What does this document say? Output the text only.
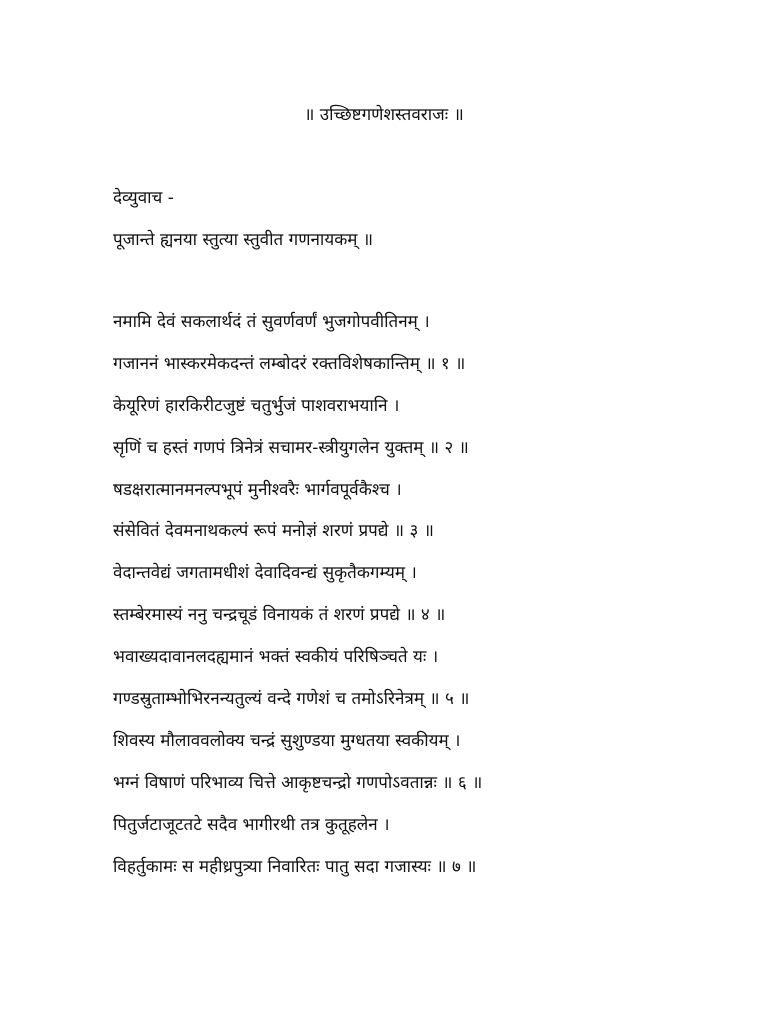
॥ उच्छिष्टगणेशस्तवराजः ॥
देव्युवाच -
पूजान्ते ह्यनया स्तुत्या स्तुवीत गणनायकम् ॥
नमामि देवं सकलार्थदं तं सुवर्णवर्णं भुजगोपवीतिनम् ।
गजाननं भास्करमेकदन्तं लम्बोदरं रक्तविशेषकान्तिम् ॥ १ ॥
केयूरिणं हारकिरीटजुष्टं चतुर्भुजं पाशवराभयानि ।
सृणिं च हस्तं गणपं त्रिनेत्रं सचामर-स्त्रीयुगलेन युक्तम् ॥ २ ॥
षडक्षरात्मानमनल्पभूपं मुनीश्वरैः भार्गवपूर्वकैश्च ।
संसेवितं देवमनाथकल्पं रूपं मनोज्ञं शरणं प्रपद्ये ॥ ३ ॥
वेदान्तवेद्यं जगतामधीशं देवादिवन्द्यं सुकृतैकगम्यम् ।
स्तम्बेरमास्यं ननु चन्द्रचूडं विनायकं तं शरणं प्रपद्ये ॥ ४ ॥
भवाख्यदावानलदह्यमानं भक्तं स्वकीयं परिषिञ्चते यः ।
गण्डस्रुताम्भोभिरनन्यतुल्यं वन्दे गणेशं च तमोऽरिनेत्रम् ॥ ५ ॥
शिवस्य मौलाववलोक्य चन्द्रं सुशुण्डया मुग्धतया स्वकीयम् ।
भग्नं विषाणं परिभाव्य चित्ते आकृष्टचन्द्रो गणपोऽवतान्नः ॥ ६ ॥
पितुर्जटाजूटतटे सदैव भागीरथी तत्र कुतूहलेन ।
विहर्तुकामः स महीध्रपुत्र्या निवारितः पातु सदा गजास्यः ॥ ७ ॥
